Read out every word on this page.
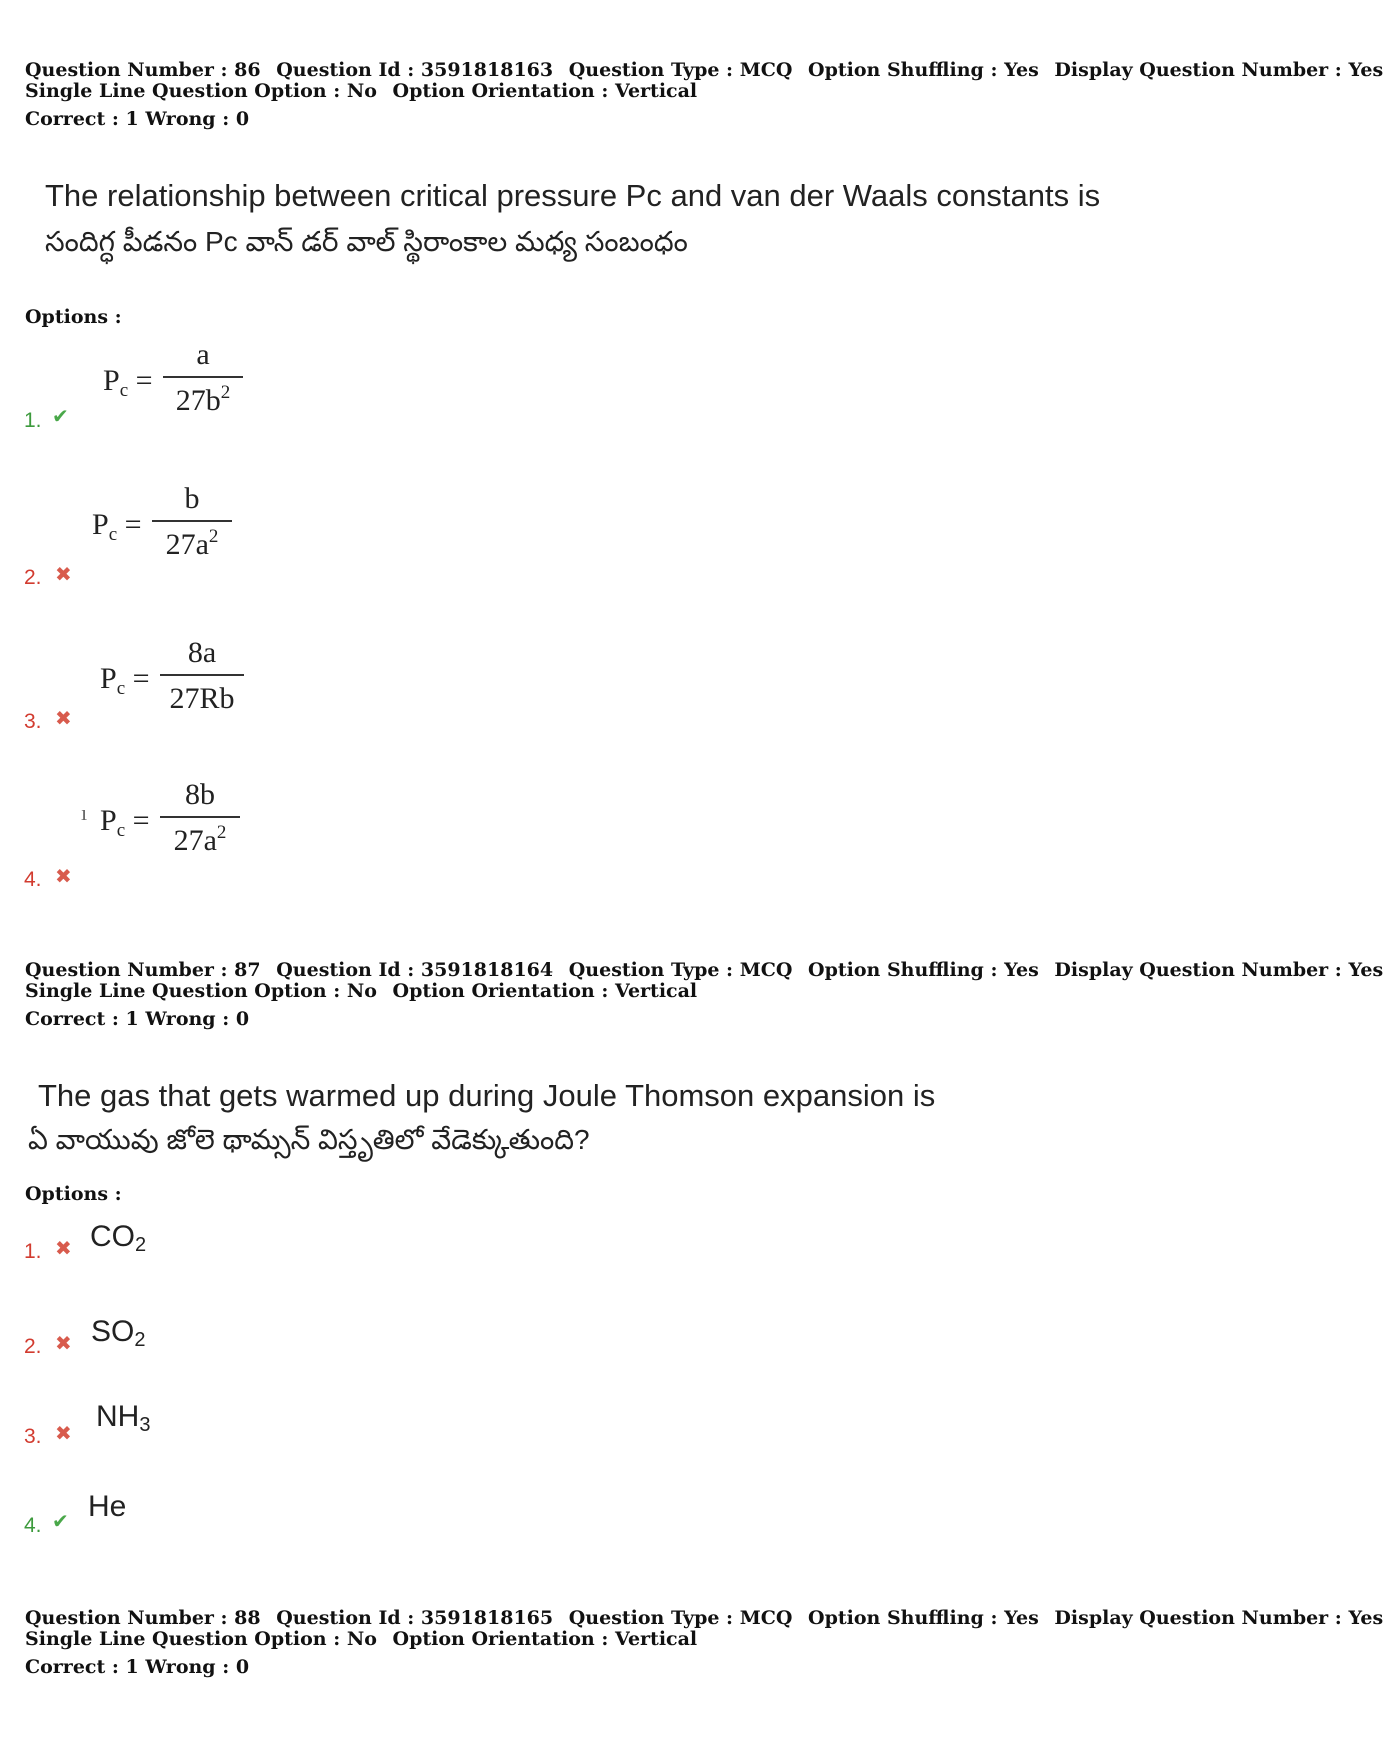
Question Number : 86 Question Id : 3591818163 Question Type : MCQ Option Shuffling : Yes Display Question Number : Yes
Single Line Question Option : No Option Orientation : Vertical
Correct : 1 Wrong : 0
The relationship between critical pressure Pc and van der Waals constants is
సందిగ్ధ పీడనం Pc వాన్ డర్ వాల్ స్థిరాంకాల మధ్య సంబంధం
Options :
1. ✔
$P_c$ =
a
$27b^2$
2. ✖
$P_c$ =
b
$27a^2$
3. ✖
$P_c$ =
8a
27Rb
ı
4. ✖
$P_c$ =
8b
$27a^2$
Question Number : 87 Question Id : 3591818164 Question Type : MCQ Option Shuffling : Yes Display Question Number : Yes
Single Line Question Option : No Option Orientation : Vertical
Correct : 1 Wrong : 0
The gas that gets warmed up during Joule Thomson expansion is
ఏ వాయువు జోలె థామ్సన్ విస్తృతిలో వేడెక్కుతుంది?
Options :
1. ✖ $CO_2$
2. ✖ $SO_2$
3. ✖
$NH_3$
4. ✔ He
Question Number : 88 Question Id : 3591818165 Question Type : MCQ Option Shuffling : Yes Display Question Number : Yes
Single Line Question Option : No Option Orientation : Vertical
Correct : 1 Wrong : 0
